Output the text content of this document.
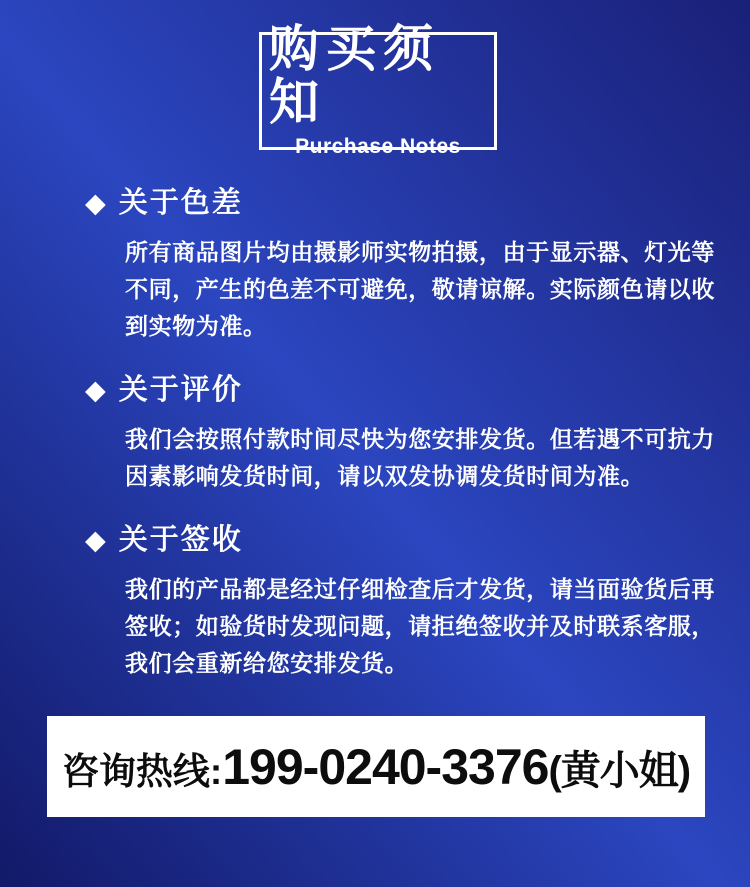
购买须知
Purchase Notes
◆ 关于色差
所有商品图片均由摄影师实物拍摄，由于显示器、灯光等
不同，产生的色差不可避免，敬请谅解。实际颜色请以收
到实物为准。
◆ 关于评价
我们会按照付款时间尽快为您安排发货。但若遇不可抗力
因素影响发货时间，请以双发协调发货时间为准。
◆ 关于签收
我们的产品都是经过仔细检查后才发货，请当面验货后再
签收；如验货时发现问题，请拒绝签收并及时联系客服，
我们会重新给您安排发货。
咨询热线: 199-0240-3376 (黄小姐)
